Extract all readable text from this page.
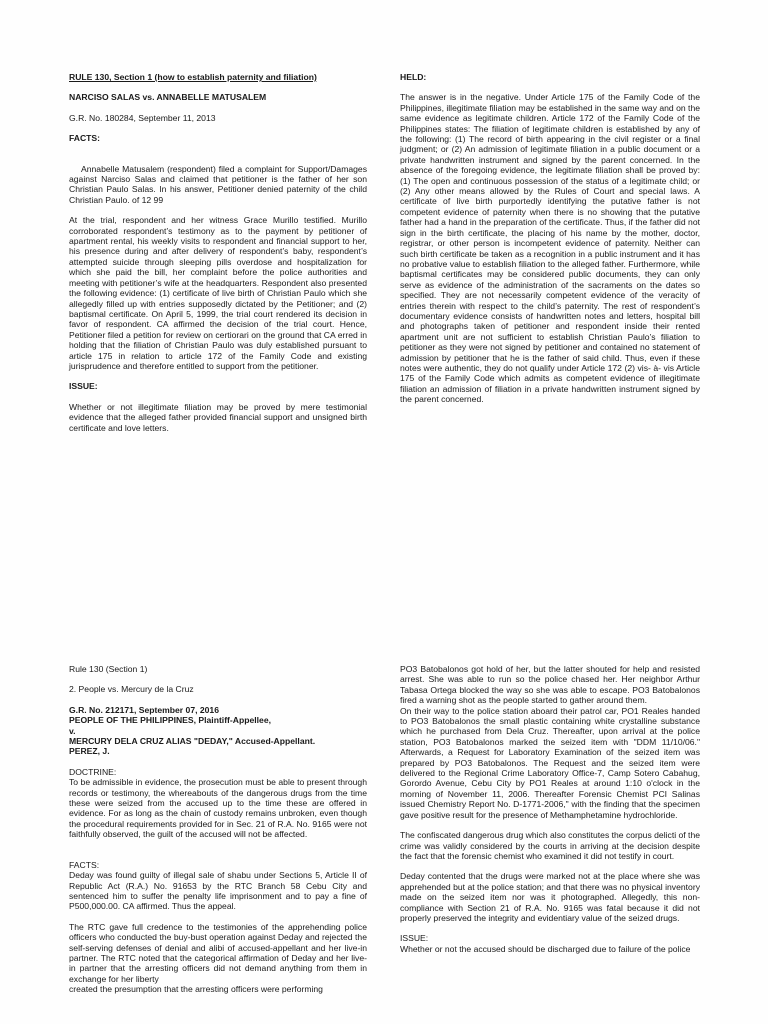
RULE 130, Section 1 (how to establish paternity and filiation)

NARCISO SALAS vs. ANNABELLE MATUSALEM

G.R. No. 180284, September 11, 2013

FACTS:

Annabelle Matusalem (respondent) filed a complaint for Support/Damages against Narciso Salas and claimed that petitioner is the father of her son Christian Paulo Salas. In his answer, Petitioner denied paternity of the child Christian Paulo. of 12 99

At the trial, respondent and her witness Grace Murillo testified. Murillo corroborated respondent’s testimony as to the payment by petitioner of apartment rental, his weekly visits to respondent and financial support to her, his presence during and after delivery of respondent’s baby, respondent’s attempted suicide through sleeping pills overdose and hospitalization for which she paid the bill, her complaint before the police authorities and meeting with petitioner’s wife at the headquarters. Respondent also presented the following evidence: (1) certificate of live birth of Christian Paulo which she allegedly filled up with entries supposedly dictated by the Petitioner; and (2) baptismal certificate. On April 5, 1999, the trial court rendered its decision in favor of respondent. CA affirmed the decision of the trial court. Hence, Petitioner filed a petition for review on certiorari on the ground that CA erred in holding that the filiation of Christian Paulo was duly established pursuant to article 175 in relation to article 172 of the Family Code and existing jurisprudence and therefore entitled to support from the petitioner.

ISSUE:

Whether or not illegitimate filiation may be proved by mere testimonial evidence that the alleged father provided financial support and unsigned birth certificate and love letters.

HELD:

The answer is in the negative. Under Article 175 of the Family Code of the Philippines, illegitimate filiation may be established in the same way and on the same evidence as legitimate children. Article 172 of the Family Code of the Philippines states: The filiation of legitimate children is established by any of the following: (1) The record of birth appearing in the civil register or a final judgment; or (2) An admission of legitimate filiation in a public document or a private handwritten instrument and signed by the parent concerned. In the absence of the foregoing evidence, the legitimate filiation shall be proved by: (1) The open and continuous possession of the status of a legitimate child; or (2) Any other means allowed by the Rules of Court and special laws. A certificate of live birth purportedly identifying the putative father is not competent evidence of paternity when there is no showing that the putative father had a hand in the preparation of the certificate. Thus, if the father did not sign in the birth certificate, the placing of his name by the mother, doctor, registrar, or other person is incompetent evidence of paternity. Neither can such birth certificate be taken as a recognition in a public instrument and it has no probative value to establish filiation to the alleged father. Furthermore, while baptismal certificates may be considered public documents, they can only serve as evidence of the administration of the sacraments on the dates so specified. They are not necessarily competent evidence of the veracity of entries therein with respect to the child’s paternity. The rest of respondent’s documentary evidence consists of handwritten notes and letters, hospital bill and photographs taken of petitioner and respondent inside their rented apartment unit are not sufficient to establish Christian Paulo’s filiation to petitioner as they were not signed by petitioner and contained no statement of admission by petitioner that he is the father of said child. Thus, even if these notes were authentic, they do not qualify under Article 172 (2) vis- à- vis Article 175 of the Family Code which admits as competent evidence of illegitimate filiation an admission of filiation in a private handwritten instrument signed by the parent concerned.

Rule 130 (Section 1)

2. People vs. Mercury de la Cruz

G.R. No. 212171, September 07, 2016

PEOPLE OF THE PHILIPPINES, Plaintiff-Appellee,

v.

MERCURY DELA CRUZ ALIAS "DEDAY," Accused-Appellant.

PEREZ, J.

DOCTRINE:

To be admissible in evidence, the prosecution must be able to present through records or testimony, the whereabouts of the dangerous drugs from the time these were seized from the accused up to the time these are offered in evidence. For as long as the chain of custody remains unbroken, even though the procedural requirements provided for in Sec. 21 of R.A. No. 9165 were not faithfully observed, the guilt of the accused will not be affected.

FACTS:

Deday was found guilty of illegal sale of shabu under Sections 5, Article II of Republic Act (R.A.) No. 91653 by the RTC Branch 58 Cebu City and sentenced him to suffer the penalty life imprisonment and to pay a fine of P500,000.00. CA affirmed. Thus the appeal.

The RTC gave full credence to the testimonies of the apprehending police officers who conducted the buy-bust operation against Deday and rejected the self-serving defenses of denial and alibi of accused-appellant and her live-in partner. The RTC noted that the categorical affirmation of Deday and her live-in partner that the arresting officers did not demand anything from them in exchange for her liberty

created the presumption that the arresting officers were performing

PO3 Batobalonos got hold of her, but the latter shouted for help and resisted arrest. She was able to run so the police chased her. Her neighbor Arthur Tabasa Ortega blocked the way so she was able to escape. PO3 Batobalonos fired a warning shot as the people started to gather around them.

On their way to the police station aboard their patrol car, PO1 Reales handed to PO3 Batobalonos the small plastic containing white crystalline substance which he purchased from Dela Cruz. Thereafter, upon arrival at the police station, PO3 Batobalonos marked the seized item with "DDM 11/10/06." Afterwards, a Request for Laboratory Examination of the seized item was prepared by PO3 Batobalonos. The Request and the seized item were delivered to the Regional Crime Laboratory Office-7, Camp Sotero Cabahug, Gorordo Avenue, Cebu City by PO1 Reales at around 1:10 o'clock in the morning of November 11, 2006. Thereafter Forensic Chemist PCI Salinas issued Chemistry Report No. D-1771-2006," with the finding that the specimen gave positive result for the presence of Methamphetamine hydrochloride.

The confiscated dangerous drug which also constitutes the corpus delicti of the crime was validly considered by the courts in arriving at the decision despite the fact that the forensic chemist who examined it did not testify in court.

Deday contented that the drugs were marked not at the place where she was apprehended but at the police station; and that there was no physical inventory made on the seized item nor was it photographed. Allegedly, this non-compliance with Section 21 of R.A. No. 9165 was fatal because it did not properly preserved the integrity and evidentiary value of the seized drugs.

ISSUE:

Whether or not the accused should be discharged due to failure of the police
